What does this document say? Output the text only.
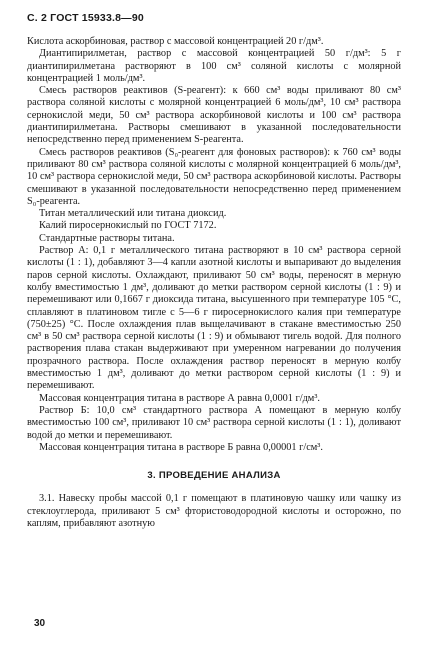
С. 2 ГОСТ 15933.8—90

Кислота аскорбиновая, раствор с массовой концентрацией 20 г/дм³.

Диантипирилметан, раствор с массовой концентрацией 50 г/дм³: 5 г диантипирилметана растворяют в 100 см³ соляной кислоты с молярной концентрацией 1 моль/дм³.

Смесь растворов реактивов (S-реагент): к 660 см³ воды приливают 80 см³ раствора соляной кислоты с молярной концентрацией 6 моль/дм³, 10 см³ раствора сернокислой меди, 50 см³ раствора аскорбиновой кислоты и 100 см³ раствора диантипирилметана. Растворы смешивают в указанной последовательности непосредственно перед применением S-реагента.

Смесь растворов реактивов (S₀-реагент для фоновых растворов): к 760 см³ воды приливают 80 см³ раствора соляной кислоты с молярной концентрацией 6 моль/дм³, 10 см³ раствора сернокислой меди, 50 см³ раствора аскорбиновой кислоты. Растворы смешивают в указанной последовательности непосредственно перед применением S₀-реагента.

Титан металлический или титана диоксид.

Калий пиросернокислый по ГОСТ 7172.

Стандартные растворы титана.

Раствор А: 0,1 г металлического титана растворяют в 10 см³ раствора серной кислоты (1 : 1), добавляют 3—4 капли азотной кислоты и выпаривают до выделения паров серной кислоты. Охлаждают, приливают 50 см³ воды, переносят в мерную колбу вместимостью 1 дм³, доливают до метки раствором серной кислоты (1 : 9) и перемешивают или 0,1667 г диоксида титана, высушенного при температуре 105 °С, сплавляют в платиновом тигле с 5—6 г пиросернокислого калия при температуре (750±25) °С. После охлаждения плав выщелачивают в стакане вместимостью 250 см³ в 50 см³ раствора серной кислоты (1 : 9) и обмывают тигель водой. Для полного растворения плава стакан выдерживают при умеренном нагревании до получения прозрачного раствора. После охлаждения раствор переносят в мерную колбу вместимостью 1 дм³, доливают до метки раствором серной кислоты (1 : 9) и перемешивают.

Массовая концентрация титана в растворе А равна 0,0001 г/дм³.

Раствор Б: 10,0 см³ стандартного раствора А помещают в мерную колбу вместимостью 100 см³, приливают 10 см³ раствора серной кислоты (1 : 1), доливают водой до метки и перемешивают.

Массовая концентрация титана в растворе Б равна 0,00001 г/см³.

3. ПРОВЕДЕНИЕ АНАЛИЗА

3.1. Навеску пробы массой 0,1 г помещают в платиновую чашку или чашку из стеклоуглерода, приливают 5 см³ фтористоводородной кислоты и осторожно, по каплям, прибавляют азотную

30
